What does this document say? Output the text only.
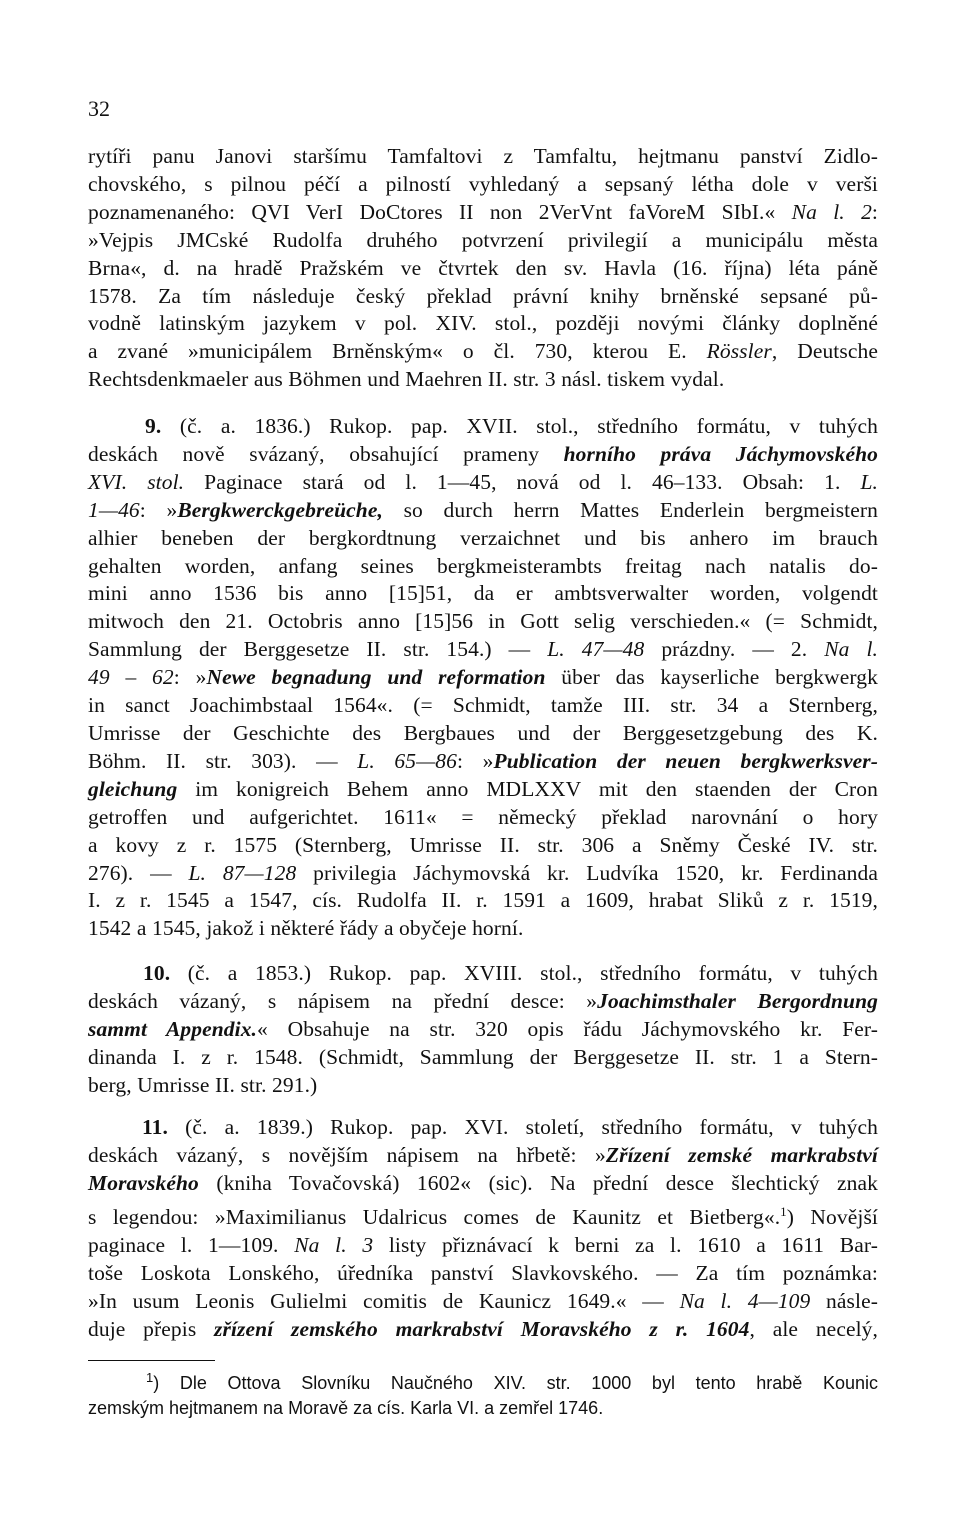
32
rytíři panu Janovi staršímu Tamfaltovi z Tamfaltu, hejtmanu panství Zidlo-
chovského, s pilnou péčí a pilností vyhledaný a sepsaný létha dole v verši
poznamenaného: QVI VerI DoCtores II non 2VerVnt faVoreM SIbI.« Na l. 2:
»Vejpis JMCské Rudolfa druhého potvrzení privilegií a municipálu města
Brna«, d. na hradě Pražském ve čtvrtek den sv. Havla (16. října) léta páně
1578. Za tím následuje český překlad právní knihy brněnské sepsané pů-
vodně latinským jazykem v pol. XIV. stol., později novými články doplněné
a zvané »municipálem Brněnským« o čl. 730, kterou E. Rössler, Deutsche
Rechtsdenkmaeler aus Böhmen und Maehren II. str. 3 násl. tiskem vydal.
9. (č. a. 1836.) Rukop. pap. XVII. stol., středního formátu, v tuhých
deskách nově svázaný, obsahující prameny horního práva Jáchymovského
XVI. stol. Paginace stará od l. 1—45, nová od l. 46–133. Obsah: 1. L.
1—46: »Bergkwerckgebreüche, so durch herrn Mattes Enderlein bergmeistern
alhier beneben der bergkordtnung verzaichnet und bis anhero im brauch
gehalten worden, anfang seines bergkmeisterambts freitag nach natalis do-
mini anno 1536 bis anno [15]51, da er ambtsverwalter worden, volgendt
mitwoch den 21. Octobris anno [15]56 in Gott selig verschieden.« (= Schmidt,
Sammlung der Berggesetze II. str. 154.) — L. 47—48 prázdny. — 2. Na l.
49 – 62: »Newe begnadung und reformation über das kayserliche bergkwergk
in sanct Joachimbstaal 1564«. (= Schmidt, tamže III. str. 34 a Sternberg,
Umrisse der Geschichte des Bergbaues und der Berggesetzgebung des K.
Böhm. II. str. 303). — L. 65—86: »Publication der neuen bergkwerksver-
gleichung im konigreich Behem anno MDLXXV mit den staenden der Cron
getroffen und aufgerichtet. 1611« = německý překlad narovnání o hory
a kovy z r. 1575 (Sternberg, Umrisse II. str. 306 a Sněmy České IV. str.
276). — L. 87—128 privilegia Jáchymovská kr. Ludvíka 1520, kr. Ferdinanda
I. z r. 1545 a 1547, cís. Rudolfa II. r. 1591 a 1609, hrabat Sliků z r. 1519,
1542 a 1545, jakož i některé řády a obyčeje horní.
10. (č. a 1853.) Rukop. pap. XVIII. stol., středního formátu, v tuhých
deskách vázaný, s nápisem na přední desce: »Joachimsthaler Bergordnung
sammt Appendix.« Obsahuje na str. 320 opis řádu Jáchymovského kr. Fer-
dinanda I. z r. 1548. (Schmidt, Sammlung der Berggesetze II. str. 1 a Stern-
berg, Umrisse II. str. 291.)
11. (č. a. 1839.) Rukop. pap. XVI. století, středního formátu, v tuhých
deskách vázaný, s novějším nápisem na hřbetě: »Zřízení zemské markrabství
Moravského (kniha Tovačovská) 1602« (sic). Na přední desce šlechtický znak
s legendou: »Maximilianus Udalricus comes de Kaunitz et Bietberg«.$^1$) Novější
paginace l. 1—109. Na l. 3 listy přiznávací k berni za l. 1610 a 1611 Bar-
toše Loskota Lonského, úředníka panství Slavkovského. — Za tím poznámka:
»In usum Leonis Gulielmi comitis de Kaunicz 1649.« — Na l. 4—109 násle-
duje přepis zřízení zemského markrabství Moravského z r. 1604, ale necelý,
$^1$) Dle Ottova Slovníku Naučného XIV. str. 1000 byl tento hrabě Kounic
zemským hejtmanem na Moravě za cís. Karla VI. a zemřel 1746.
